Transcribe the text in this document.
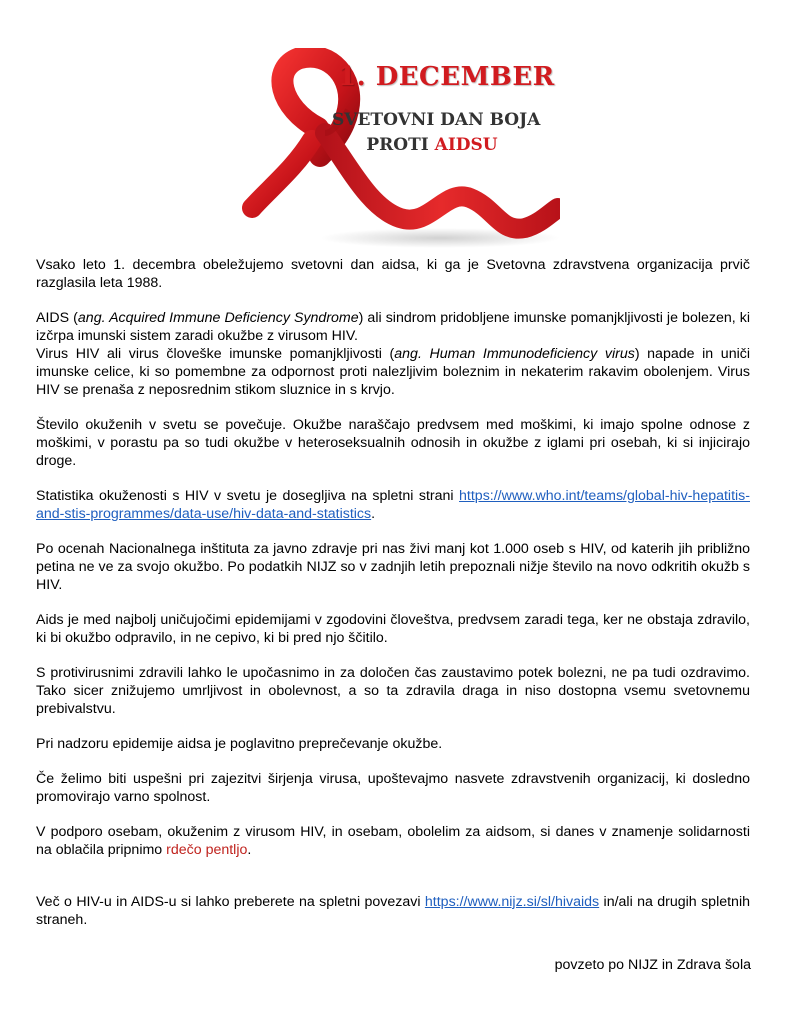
1. DECEMBER
SVETOVNI DAN BOJA
PROTI AIDSU

Vsako leto 1. decembra obeležujemo svetovni dan aidsa, ki ga je Svetovna zdravstvena organizacija prvič razglasila leta 1988.

AIDS (ang. Acquired Immune Deficiency Syndrome) ali sindrom pridobljene imunske pomanjkljivosti je bolezen, ki izčrpa imunski sistem zaradi okužbe z virusom HIV.

Virus HIV ali virus človeške imunske pomanjkljivosti (ang. Human Immunodeficiency virus) napade in uniči imunske celice, ki so pomembne za odpornost proti nalezljivim boleznim in nekaterim rakavim obolenjem. Virus HIV se prenaša z neposrednim stikom sluznice in s krvjo.

Število okuženih v svetu se povečuje. Okužbe naraščajo predvsem med moškimi, ki imajo spolne odnose z moškimi, v porastu pa so tudi okužbe v heteroseksualnih odnosih in okužbe z iglami pri osebah, ki si injicirajo droge.

Statistika okuženosti s HIV v svetu je dosegljiva na spletni strani https://www.who.int/teams/global-hiv-hepatitis-and-stis-programmes/data-use/hiv-data-and-statistics.

Po ocenah Nacionalnega inštituta za javno zdravje pri nas živi manj kot 1.000 oseb s HIV, od katerih jih približno petina ne ve za svojo okužbo. Po podatkih NIJZ so v zadnjih letih prepoznali nižje število na novo odkritih okužb s HIV.

Aids je med najbolj uničujočimi epidemijami v zgodovini človeštva, predvsem zaradi tega, ker ne obstaja zdravilo, ki bi okužbo odpravilo, in ne cepivo, ki bi pred njo ščitilo.

S protivirusnimi zdravili lahko le upočasnimo in za določen čas zaustavimo potek bolezni, ne pa tudi ozdravimo. Tako sicer znižujemo umrljivost in obolevnost, a so ta zdravila draga in niso dostopna vsemu svetovnemu prebivalstvu.

Pri nadzoru epidemije aidsa je poglavitno preprečevanje okužbe.

Če želimo biti uspešni pri zajezitvi širjenja virusa, upoštevajmo nasvete zdravstvenih organizacij, ki dosledno promovirajo varno spolnost.

V podporo osebam, okuženim z virusom HIV, in osebam, obolelim za aidsom, si danes v znamenje solidarnosti na oblačila pripnimo rdečo pentljo.

Več o HIV-u in AIDS-u si lahko preberete na spletni povezavi https://www.nijz.si/sl/hivaids in/ali na drugih spletnih straneh.

povzeto po NIJZ in Zdrava šola
